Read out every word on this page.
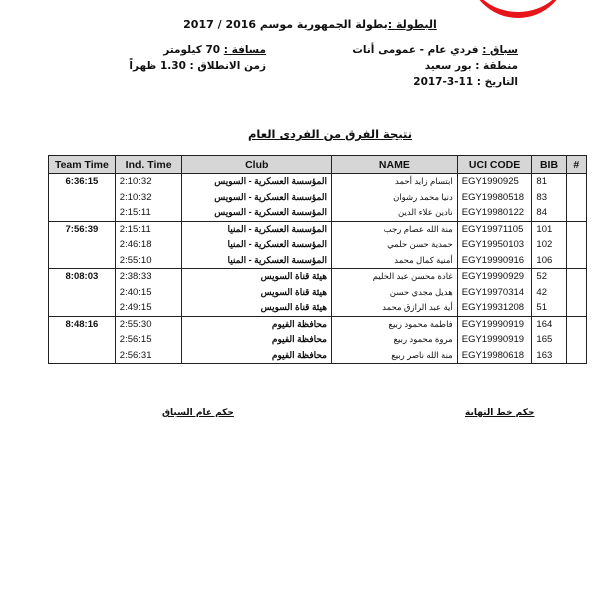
البطولة :بطولة الجمهورية موسم 2016 / 2017
سباق : فردي عام - عمومى أنات
منطقة : بور سعيد
التاريخ : 11-3-2017
مسافة : 70 كيلومتر
زمن الانطلاق : 1.30 ظهراً
نتيجة الفرق من الفردى العام
Team Time	Ind. Time	Club	NAME	UCI CODE	BIB	#
6:36:15	2:10:32	المؤسسة العسكرية - السويس	ابتسام زايد أحمد	EGY1990925	81	
	2:10:32	المؤسسة العسكرية - السويس	دنيا محمد رشوان	EGY19980518	83	
	2:15:11	المؤسسة العسكرية - السويس	نادين علاء الدين	EGY19980122	84	
7:56:39	2:15:11	المؤسسة العسكرية - المنيا	منة الله عصام رجب	EGY19971105	101	
	2:46:18	المؤسسة العسكرية - المنيا	حمدية حسن حلمي	EGY19950103	102	
	2:55:10	المؤسسة العسكرية - المنيا	أمنية كمال محمد	EGY19990916	106	
8:08:03	2:38:33	هيئة قناة السويس	غادة محسن عبد الحليم	EGY19990929	52	
	2:40:15	هيئة قناة السويس	هديل مجدي حسن	EGY19970314	42	
	2:49:15	هيئة قناة السويس	أية عبد الرازق محمد	EGY19931208	51	
8:48:16	2:55:30	محافظة الفيوم	فاطمة محمود ربيع	EGY19990919	164	
	2:56:15	محافظة الفيوم	مروة محمود ربيع	EGY19990919	165	
	2:56:31	محافظة الفيوم	منة الله ناصر ربيع	EGY19980618	163	
حكم عام السباق	حكم خط النهاية
